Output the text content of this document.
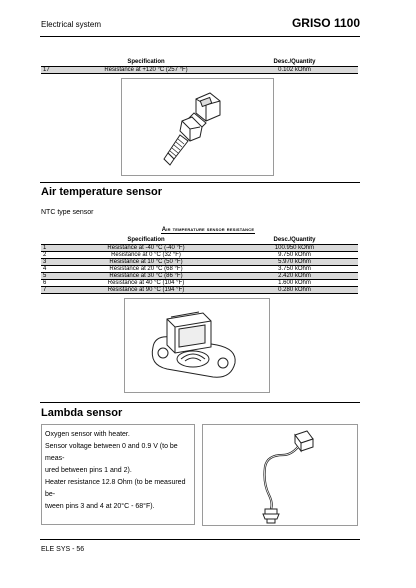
Electrical system	GRISO 1100
	Specification	Desc./Quantity
17	Resistance at +120 °C (257 °F)	0.102 kOhm
Air temperature sensor
NTC type sensor
Air temperature sensor resistance
	Specification	Desc./Quantity
1	Resistance at -40 °C (-40 °F)	100.950 kOhm
2	Resistance at 0 °C (32 °F)	9.750 kOhm
3	Resistance at 10 °C (50 °F)	5.970 kOhm
4	Resistance at 20 °C (68 °F)	3.750 kOhm
5	Resistance at 30 °C (86 °F)	2.420 kOhm
6	Resistance at 40 °C (104 °F)	1.600 kOhm
7	Resistance at 90 °C (194 °F)	0.280 kOhm
Lambda sensor
Oxygen sensor with heater.
Sensor voltage between 0 and 0.9 V (to be meas-
ured between pins 1 and 2).
Heater resistance 12.8 Ohm (to be measured be-
tween pins 3 and 4 at 20°C - 68°F).
ELE SYS - 56
